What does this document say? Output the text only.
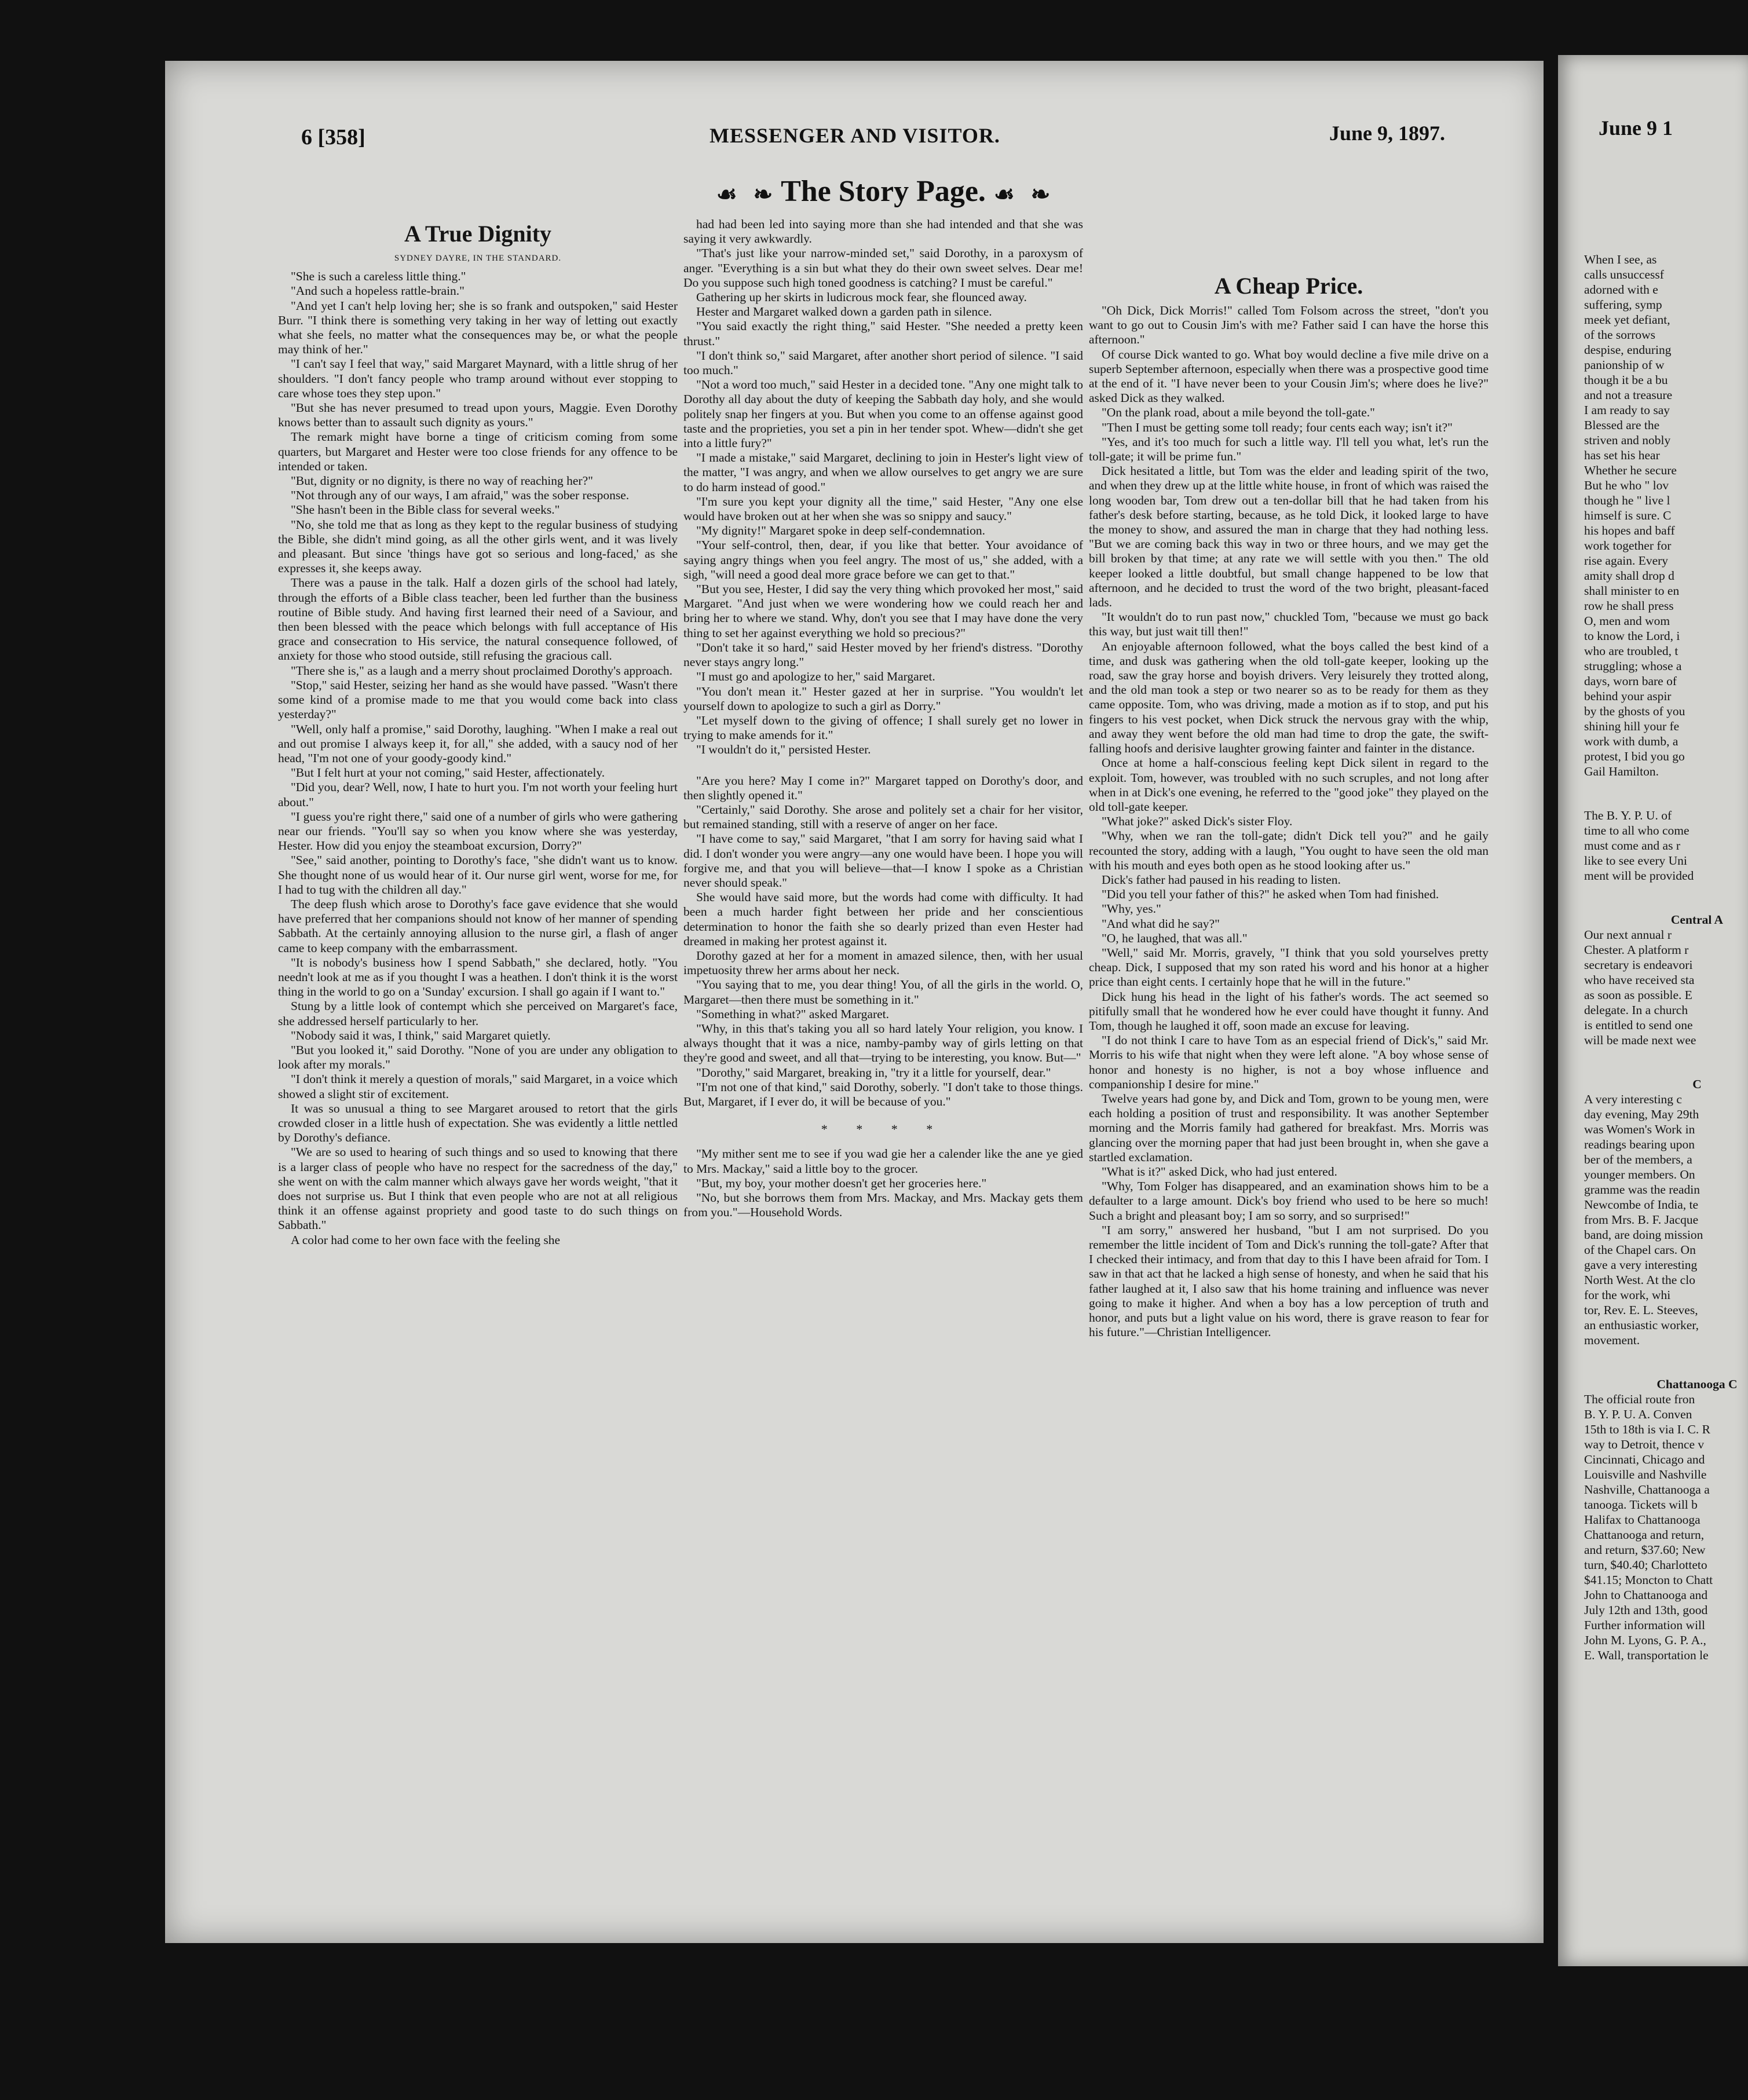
6 [358]	MESSENGER AND VISITOR.	June 9, 1897.
☙ ❧ The Story Page. ☙ ❧

A True Dignity

SYDNEY DAYRE, IN THE STANDARD.

"She is such a careless little thing."

"And such a hopeless rattle-brain."

"And yet I can't help loving her; she is so frank and outspoken," said Hester Burr. "I think there is something very taking in her way of letting out exactly what she feels, no matter what the consequences may be, or what the people may think of her."

"I can't say I feel that way," said Margaret Maynard, with a little shrug of her shoulders. "I don't fancy people who tramp around without ever stopping to care whose toes they step upon."

"But she has never presumed to tread upon yours, Maggie. Even Dorothy knows better than to assault such dignity as yours."

The remark might have borne a tinge of criticism coming from some quarters, but Margaret and Hester were too close friends for any offence to be intended or taken.

"But, dignity or no dignity, is there no way of reaching her?"

"Not through any of our ways, I am afraid," was the sober response.

"She hasn't been in the Bible class for several weeks."

"No, she told me that as long as they kept to the regular business of studying the Bible, she didn't mind going, as all the other girls went, and it was lively and pleasant. But since 'things have got so serious and long-faced,' as she expresses it, she keeps away.

There was a pause in the talk. Half a dozen girls of the school had lately, through the efforts of a Bible class teacher, been led further than the business routine of Bible study. And having first learned their need of a Saviour, and then been blessed with the peace which belongs with full acceptance of His grace and consecration to His service, the natural consequence followed, of anxiety for those who stood outside, still refusing the gracious call.

"There she is," as a laugh and a merry shout proclaimed Dorothy's approach.

"Stop," said Hester, seizing her hand as she would have passed. "Wasn't there some kind of a promise made to me that you would come back into class yesterday?"

"Well, only half a promise," said Dorothy, laughing. "When I make a real out and out promise I always keep it, for all," she added, with a saucy nod of her head, "I'm not one of your goody-goody kind."

"But I felt hurt at your not coming," said Hester, affectionately.

"Did you, dear? Well, now, I hate to hurt you. I'm not worth your feeling hurt about."

"I guess you're right there," said one of a number of girls who were gathering near our friends. "You'll say so when you know where she was yesterday, Hester. How did you enjoy the steamboat excursion, Dorry?"

"See," said another, pointing to Dorothy's face, "she didn't want us to know. She thought none of us would hear of it. Our nurse girl went, worse for me, for I had to tug with the children all day."

The deep flush which arose to Dorothy's face gave evidence that she would have preferred that her companions should not know of her manner of spending Sabbath. At the certainly annoying allusion to the nurse girl, a flash of anger came to keep company with the embarrassment.

"It is nobody's business how I spend Sabbath," she declared, hotly. "You needn't look at me as if you thought I was a heathen. I don't think it is the worst thing in the world to go on a 'Sunday' excursion. I shall go again if I want to."

Stung by a little look of contempt which she perceived on Margaret's face, she addressed herself particularly to her.

"Nobody said it was, I think," said Margaret quietly.

"But you looked it," said Dorothy. "None of you are under any obligation to look after my morals."

"I don't think it merely a question of morals," said Margaret, in a voice which showed a slight stir of excitement.

It was so unusual a thing to see Margaret aroused to retort that the girls crowded closer in a little hush of expectation. She was evidently a little nettled by Dorothy's defiance.

"We are so used to hearing of such things and so used to knowing that there is a larger class of people who have no respect for the sacredness of the day," she went on with the calm manner which always gave her words weight, "that it does not surprise us. But I think that even people who are not at all religious think it an offense against propriety and good taste to do such things on Sabbath."

A color had come to her own face with the feeling she

had had been led into saying more than she had intended and that she was saying it very awkwardly.

"That's just like your narrow-minded set," said Dorothy, in a paroxysm of anger. "Everything is a sin but what they do their own sweet selves. Dear me! Do you suppose such high toned goodness is catching? I must be careful."

Gathering up her skirts in ludicrous mock fear, she flounced away.

Hester and Margaret walked down a garden path in silence.

"You said exactly the right thing," said Hester. "She needed a pretty keen thrust."

"I don't think so," said Margaret, after another short period of silence. "I said too much."

"Not a word too much," said Hester in a decided tone. "Any one might talk to Dorothy all day about the duty of keeping the Sabbath day holy, and she would politely snap her fingers at you. But when you come to an offense against good taste and the proprieties, you set a pin in her tender spot. Whew—didn't she get into a little fury?"

"I made a mistake," said Margaret, declining to join in Hester's light view of the matter, "I was angry, and when we allow ourselves to get angry we are sure to do harm instead of good."

"I'm sure you kept your dignity all the time," said Hester, "Any one else would have broken out at her when she was so snippy and saucy."

"My dignity!" Margaret spoke in deep self-condemnation.

"Your self-control, then, dear, if you like that better. Your avoidance of saying angry things when you feel angry. The most of us," she added, with a sigh, "will need a good deal more grace before we can get to that."

"But you see, Hester, I did say the very thing which provoked her most," said Margaret. "And just when we were wondering how we could reach her and bring her to where we stand. Why, don't you see that I may have done the very thing to set her against everything we hold so precious?"

"Don't take it so hard," said Hester moved by her friend's distress. "Dorothy never stays angry long."

"I must go and apologize to her," said Margaret.

"You don't mean it." Hester gazed at her in surprise. "You wouldn't let yourself down to apologize to such a girl as Dorry."

"Let myself down to the giving of offence; I shall surely get no lower in trying to make amends for it."

"I wouldn't do it," persisted Hester.

"Are you here? May I come in?" Margaret tapped on Dorothy's door, and then slightly opened it."

"Certainly," said Dorothy. She arose and politely set a chair for her visitor, but remained standing, still with a reserve of anger on her face.

"I have come to say," said Margaret, "that I am sorry for having said what I did. I don't wonder you were angry—any one would have been. I hope you will forgive me, and that you will believe—that—I know I spoke as a Christian never should speak."

She would have said more, but the words had come with difficulty. It had been a much harder fight between her pride and her conscientious determination to honor the faith she so dearly prized than even Hester had dreamed in making her protest against it.

Dorothy gazed at her for a moment in amazed silence, then, with her usual impetuosity threw her arms about her neck.

"You saying that to me, you dear thing! You, of all the girls in the world. O, Margaret—then there must be something in it."

"Something in what?" asked Margaret.

"Why, in this that's taking you all so hard lately Your religion, you know. I always thought that it was a nice, namby-pamby way of girls letting on that they're good and sweet, and all that—trying to be interesting, you know. But—"

"Dorothy," said Margaret, breaking in, "try it a little for yourself, dear."

"I'm not one of that kind," said Dorothy, soberly. "I don't take to those things. But, Margaret, if I ever do, it will be because of you."

* * * *

"My mither sent me to see if you wad gie her a calender like the ane ye gied to Mrs. Mackay," said a little boy to the grocer.

"But, my boy, your mother doesn't get her groceries here."

"No, but she borrows them from Mrs. Mackay, and Mrs. Mackay gets them from you."—Household Words.

A Cheap Price.

"Oh Dick, Dick Morris!" called Tom Folsom across the street, "don't you want to go out to Cousin Jim's with me? Father said I can have the horse this afternoon."

Of course Dick wanted to go. What boy would decline a five mile drive on a superb September afternoon, especially when there was a prospective good time at the end of it. "I have never been to your Cousin Jim's; where does he live?" asked Dick as they walked.

"On the plank road, about a mile beyond the toll-gate."

"Then I must be getting some toll ready; four cents each way; isn't it?"

"Yes, and it's too much for such a little way. I'll tell you what, let's run the toll-gate; it will be prime fun."

Dick hesitated a little, but Tom was the elder and leading spirit of the two, and when they drew up at the little white house, in front of which was raised the long wooden bar, Tom drew out a ten-dollar bill that he had taken from his father's desk before starting, because, as he told Dick, it looked large to have the money to show, and assured the man in charge that they had nothing less. "But we are coming back this way in two or three hours, and we may get the bill broken by that time; at any rate we will settle with you then." The old keeper looked a little doubtful, but small change happened to be low that afternoon, and he decided to trust the word of the two bright, pleasant-faced lads.

"It wouldn't do to run past now," chuckled Tom, "because we must go back this way, but just wait till then!"

An enjoyable afternoon followed, what the boys called the best kind of a time, and dusk was gathering when the old toll-gate keeper, looking up the road, saw the gray horse and boyish drivers. Very leisurely they trotted along, and the old man took a step or two nearer so as to be ready for them as they came opposite. Tom, who was driving, made a motion as if to stop, and put his fingers to his vest pocket, when Dick struck the nervous gray with the whip, and away they went before the old man had time to drop the gate, the swift-falling hoofs and derisive laughter growing fainter and fainter in the distance.

Once at home a half-conscious feeling kept Dick silent in regard to the exploit. Tom, however, was troubled with no such scruples, and not long after when in at Dick's one evening, he referred to the "good joke" they played on the old toll-gate keeper.

"What joke?" asked Dick's sister Floy.

"Why, when we ran the toll-gate; didn't Dick tell you?" and he gaily recounted the story, adding with a laugh, "You ought to have seen the old man with his mouth and eyes both open as he stood looking after us."

Dick's father had paused in his reading to listen.

"Did you tell your father of this?" he asked when Tom had finished.

"Why, yes."

"And what did he say?"

"O, he laughed, that was all."

"Well," said Mr. Morris, gravely, "I think that you sold yourselves pretty cheap. Dick, I supposed that my son rated his word and his honor at a higher price than eight cents. I certainly hope that he will in the future."

Dick hung his head in the light of his father's words. The act seemed so pitifully small that he wondered how he ever could have thought it funny. And Tom, though he laughed it off, soon made an excuse for leaving.

"I do not think I care to have Tom as an especial friend of Dick's," said Mr. Morris to his wife that night when they were left alone. "A boy whose sense of honor and honesty is no higher, is not a boy whose influence and companionship I desire for mine."

Twelve years had gone by, and Dick and Tom, grown to be young men, were each holding a position of trust and responsibility. It was another September morning and the Morris family had gathered for breakfast. Mrs. Morris was glancing over the morning paper that had just been brought in, when she gave a startled exclamation.

"What is it?" asked Dick, who had just entered.

"Why, Tom Folger has disappeared, and an examination shows him to be a defaulter to a large amount. Dick's boy friend who used to be here so much! Such a bright and pleasant boy; I am so sorry, and so surprised!"

"I am sorry," answered her husband, "but I am not surprised. Do you remember the little incident of Tom and Dick's running the toll-gate? After that I checked their intimacy, and from that day to this I have been afraid for Tom. I saw in that act that he lacked a high sense of honesty, and when he said that his father laughed at it, I also saw that his home training and influence was never going to make it higher. And when a boy has a low perception of truth and honor, and puts but a light value on his word, there is grave reason to fear for his future."—Christian Intelligencer.

June 9 1

When I see, as

calls unsuccessf

adorned with e

suffering, symp

meek yet defiant,

of the sorrows

despise, enduring

panionship of w

though it be a bu

and not a treasure

I am ready to say

Blessed are the

striven and nobly

has set his hear

Whether he secure

But he who " lov

though he " live l

himself is sure. C

his hopes and baff

work together for

rise again. Every

amity shall drop d

shall minister to en

row he shall press

O, men and wom

to know the Lord, i

who are troubled, t

struggling; whose a

days, worn bare of

behind your aspir

by the ghosts of you

shining hill your fe

work with dumb, a

protest, I bid you go

Gail Hamilton.

The B. Y. P. U. of

time to all who come

must come and as r

like to see every Uni

ment will be provided

Central A

Our next annual r

Chester. A platform r

secretary is endeavori

who have received sta

as soon as possible. E

delegate. In a church

is entitled to send one

will be made next wee

C

A very interesting c

day evening, May 29th

was Women's Work in

readings bearing upon

ber of the members, a

younger members. On

gramme was the readin

Newcombe of India, te

from Mrs. B. F. Jacque

band, are doing mission

of the Chapel cars. On

gave a very interesting

North West. At the clo

for the work, whi

tor, Rev. E. L. Steeves,

an enthusiastic worker,

movement.

Chattanooga C

The official route fron

B. Y. P. U. A. Conven

15th to 18th is via I. C. R

way to Detroit, thence v

Cincinnati, Chicago and

Louisville and Nashville

Nashville, Chattanooga a

tanooga. Tickets will b

Halifax to Chattanooga

Chattanooga and return,

and return, $37.60; New

turn, $40.40; Charlotteto

$41.15; Moncton to Chatt

John to Chattanooga and

July 12th and 13th, good

Further information will

John M. Lyons, G. P. A.,

E. Wall, transportation le
